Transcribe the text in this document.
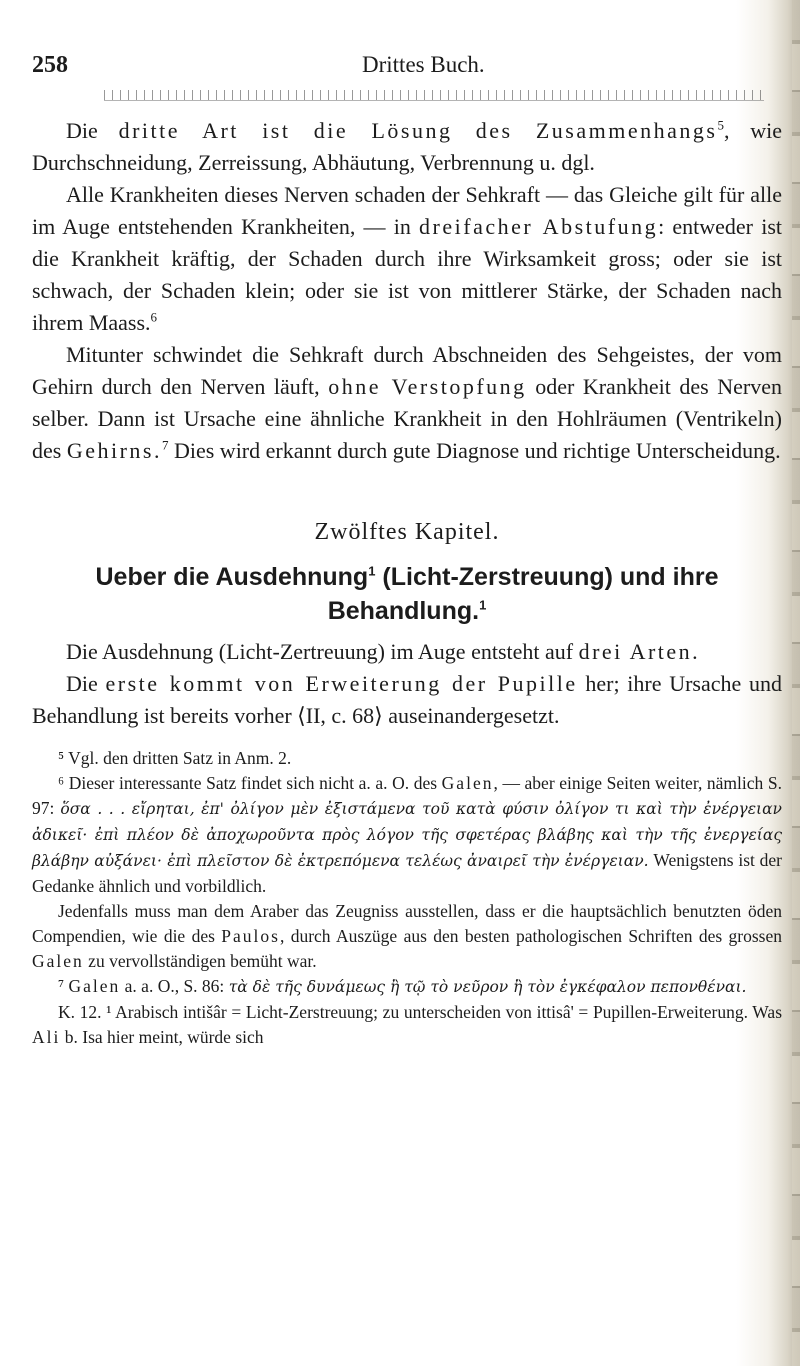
258	Drittes Buch.

Die dritte Art ist die Lösung des Zusammenhangs$^5$, wie Durchschneidung, Zerreissung, Abhäutung, Verbrennung u. dgl.

Alle Krankheiten dieses Nerven schaden der Sehkraft — das Gleiche gilt für alle im Auge entstehenden Krankheiten, — in dreifacher Abstufung: entweder ist die Krankheit kräftig, der Schaden durch ihre Wirksamkeit gross; oder sie ist schwach, der Schaden klein; oder sie ist von mittlerer Stärke, der Schaden nach ihrem Maass.$^6$

Mitunter schwindet die Sehkraft durch Abschneiden des Sehgeistes, der vom Gehirn durch den Nerven läuft, ohne Verstopfung oder Krankheit des Nerven selber. Dann ist Ursache eine ähnliche Krankheit in den Hohlräumen (Ventrikeln) des Gehirns.$^7$ Dies wird erkannt durch gute Diagnose und richtige Unterscheidung.

Zwölftes Kapitel.
Ueber die Ausdehnung$^1$ (Licht-Zerstreuung) und ihre Behandlung.$^1$

Die Ausdehnung (Licht-Zertreuung) im Auge entsteht auf drei Arten.

Die erste kommt von Erweiterung der Pupille her; ihre Ursache und Behandlung ist bereits vorher ⟨II, c. 68⟩ auseinandergesetzt.

⁵ Vgl. den dritten Satz in Anm. 2.

⁶ Dieser interessante Satz findet sich nicht a. a. O. des Galen, — aber einige Seiten weiter, nämlich S. 97: ὅσα . . . εἴρηται, ἐπ' ὀλίγον μὲν ἐξιστάμενα τοῦ κατὰ φύσιν ὀλίγον τι καὶ τὴν ἐνέργειαν ἀδικεῖ· ἐπὶ πλέον δὲ ἀποχωροῦντα πρὸς λόγον τῆς σφετέρας βλάβης καὶ τὴν τῆς ἐνεργείας βλάβην αὐξάνει· ἐπὶ πλεῖστον δὲ ἐκτρεπόμενα τελέως ἀναιρεῖ τὴν ἐνέργειαν. Wenigstens ist der Gedanke ähnlich und vorbildlich.

Jedenfalls muss man dem Araber das Zeugniss ausstellen, dass er die hauptsächlich benutzten öden Compendien, wie die des Paulos, durch Auszüge aus den besten pathologischen Schriften des grossen Galen zu vervollständigen bemüht war.

⁷ Galen a. a. O., S. 86: τὰ δὲ τῆς δυνάμεως ἢ τῷ τὸ νεῦρον ἢ τὸν ἐγκέφαλον πεπονθέναι.

K. 12. ¹ Arabisch intišâr = Licht-Zerstreuung; zu unterscheiden von ittisâ' = Pupillen-Erweiterung. Was Ali b. Isa hier meint, würde sich
